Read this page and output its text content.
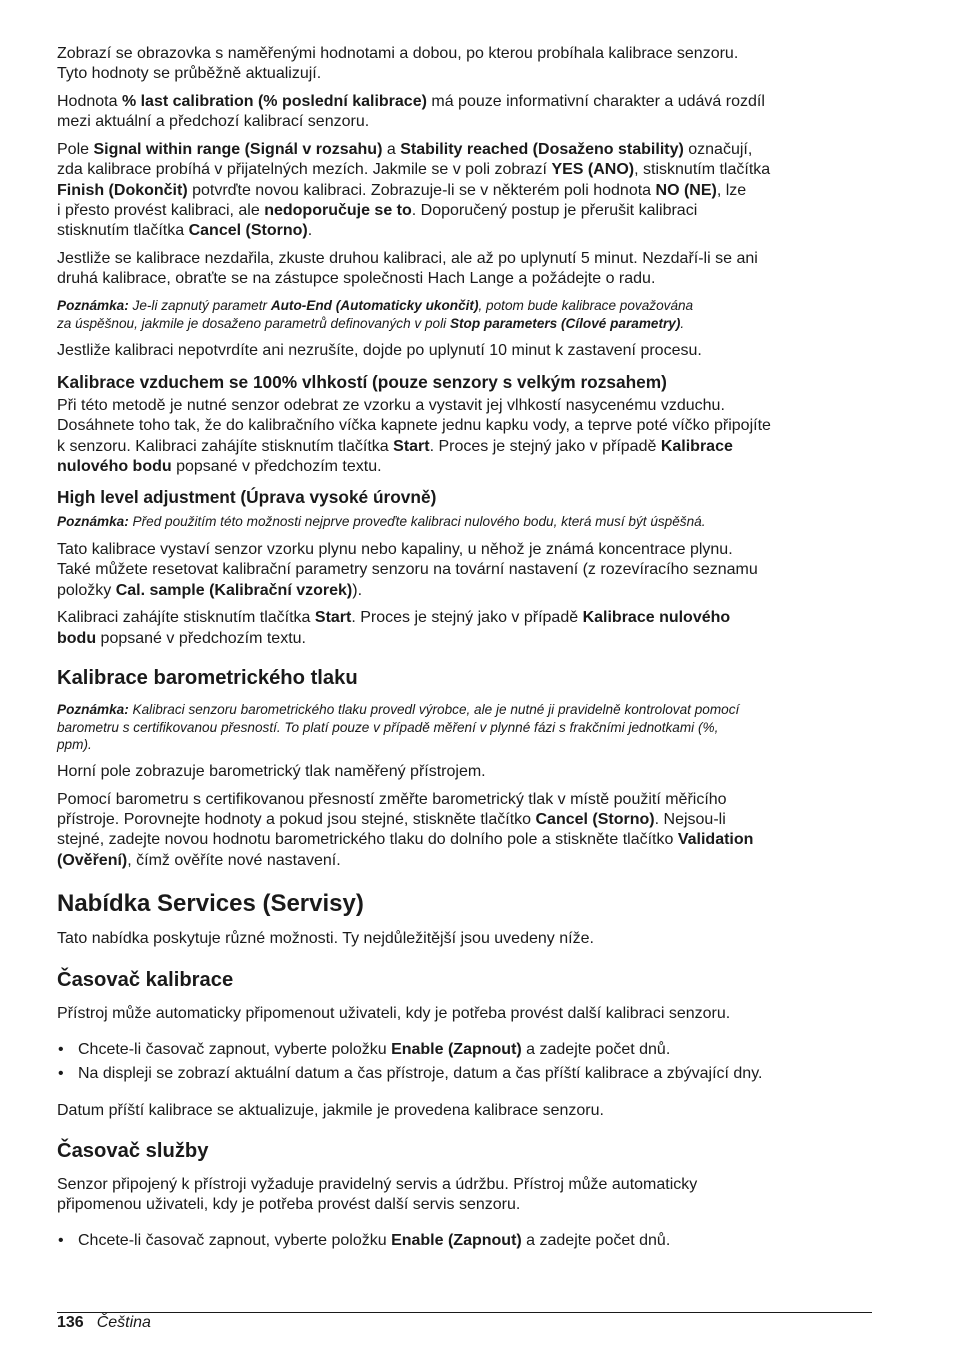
Zobrazí se obrazovka s naměřenými hodnotami a dobou, po kterou probíhala kalibrace senzoru.
Tyto hodnoty se průběžně aktualizují.

Hodnota % last calibration (% poslední kalibrace) má pouze informativní charakter a udává rozdíl
mezi aktuální a předchozí kalibrací senzoru.

Pole Signal within range (Signál v rozsahu) a Stability reached (Dosaženo stability) označují,
zda kalibrace probíhá v přijatelných mezích. Jakmile se v poli zobrazí YES (ANO), stisknutím tlačítka
Finish (Dokončit) potvrďte novou kalibraci. Zobrazuje-li se v některém poli hodnota NO (NE), lze
i přesto provést kalibraci, ale nedoporučuje se to. Doporučený postup je přerušit kalibraci
stisknutím tlačítka Cancel (Storno).

Jestliže se kalibrace nezdařila, zkuste druhou kalibraci, ale až po uplynutí 5 minut. Nezdaří-li se ani
druhá kalibrace, obraťte se na zástupce společnosti Hach Lange a požádejte o radu.

Poznámka: Je-li zapnutý parametr Auto-End (Automaticky ukončit), potom bude kalibrace považována
za úspěšnou, jakmile je dosaženo parametrů definovaných v poli Stop parameters (Cílové parametry).

Jestliže kalibraci nepotvrdíte ani nezrušíte, dojde po uplynutí 10 minut k zastavení procesu.

Kalibrace vzduchem se 100% vlhkostí (pouze senzory s velkým rozsahem)

Při této metodě je nutné senzor odebrat ze vzorku a vystavit jej vlhkostí nasycenému vzduchu.
Dosáhnete toho tak, že do kalibračního víčka kapnete jednu kapku vody, a teprve poté víčko připojíte
k senzoru. Kalibraci zahájíte stisknutím tlačítka Start. Proces je stejný jako v případě Kalibrace
nulového bodu popsané v předchozím textu.

High level adjustment (Úprava vysoké úrovně)

Poznámka: Před použitím této možnosti nejprve proveďte kalibraci nulového bodu, která musí být úspěšná.

Tato kalibrace vystaví senzor vzorku plynu nebo kapaliny, u něhož je známá koncentrace plynu.
Také můžete resetovat kalibrační parametry senzoru na tovární nastavení (z rozevíracího seznamu
položky Cal. sample (Kalibrační vzorek)).

Kalibraci zahájíte stisknutím tlačítka Start. Proces je stejný jako v případě Kalibrace nulového
bodu popsané v předchozím textu.

Kalibrace barometrického tlaku

Poznámka: Kalibraci senzoru barometrického tlaku provedl výrobce, ale je nutné ji pravidelně kontrolovat pomocí
barometru s certifikovanou přesností. To platí pouze v případě měření v plynné fázi s frakčními jednotkami (%,
ppm).

Horní pole zobrazuje barometrický tlak naměřený přístrojem.

Pomocí barometru s certifikovanou přesností změřte barometrický tlak v místě použití měřicího
přístroje. Porovnejte hodnoty a pokud jsou stejné, stiskněte tlačítko Cancel (Storno). Nejsou-li
stejné, zadejte novou hodnotu barometrického tlaku do dolního pole a stiskněte tlačítko Validation
(Ověření), čímž ověříte nové nastavení.

Nabídka Services (Servisy)

Tato nabídka poskytuje různé možnosti. Ty nejdůležitější jsou uvedeny níže.

Časovač kalibrace

Přístroj může automaticky připomenout uživateli, kdy je potřeba provést další kalibraci senzoru.

• Chcete-li časovač zapnout, vyberte položku Enable (Zapnout) a zadejte počet dnů.
• Na displeji se zobrazí aktuální datum a čas přístroje, datum a čas příští kalibrace a zbývající dny.

Datum příští kalibrace se aktualizuje, jakmile je provedena kalibrace senzoru.

Časovač služby

Senzor připojený k přístroji vyžaduje pravidelný servis a údržbu. Přístroj může automaticky
připomenou uživateli, kdy je potřeba provést další servis senzoru.

• Chcete-li časovač zapnout, vyberte položku Enable (Zapnout) a zadejte počet dnů.
136 Čeština
